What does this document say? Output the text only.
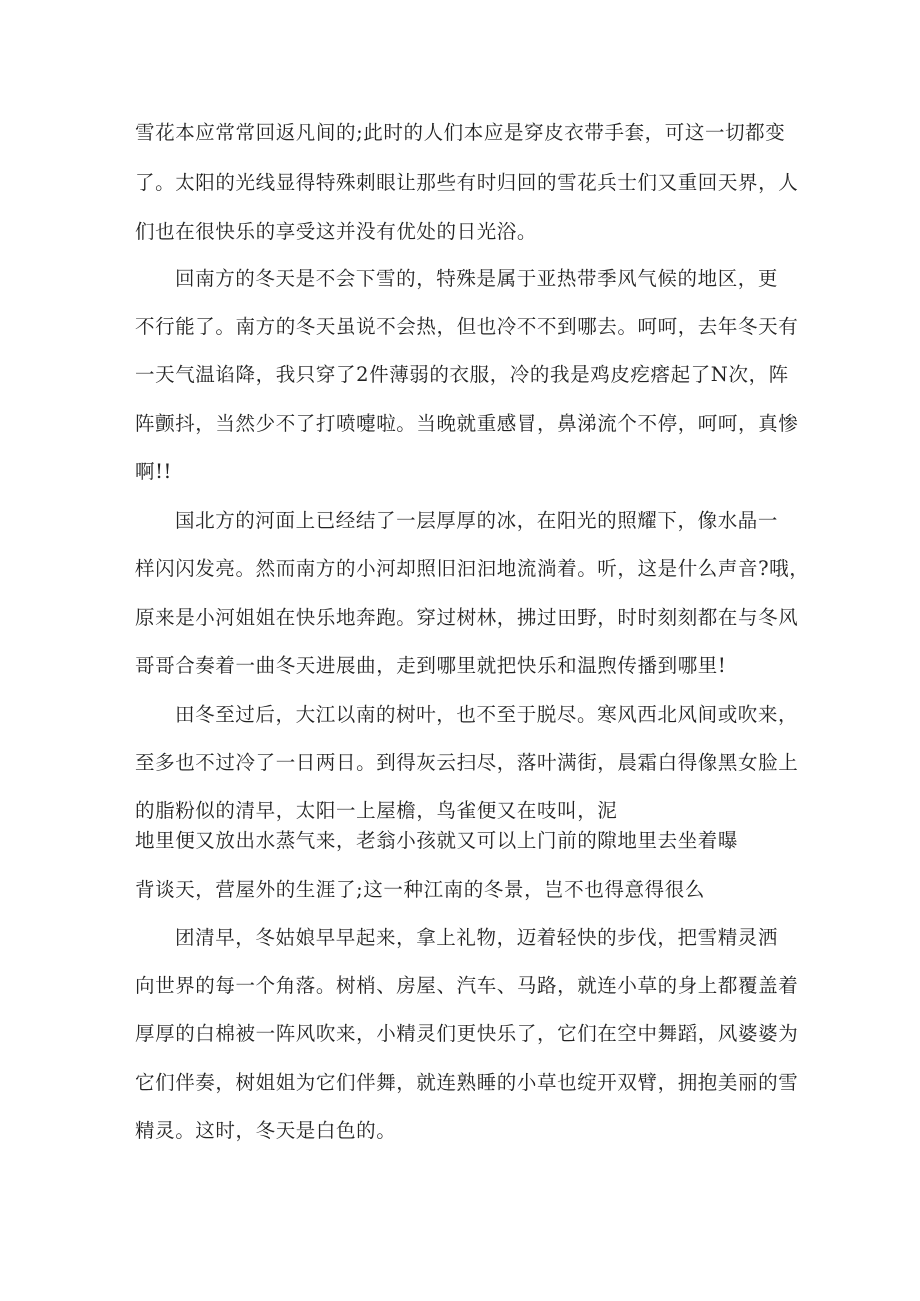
雪花本应常常回返凡间的;此时的人们本应是穿皮衣带手套，可这一切都变
了。太阳的光线显得特殊刺眼让那些有时归回的雪花兵士们又重回天界，人
们也在很快乐的享受这并没有优处的日光浴。
回南方的冬天是不会下雪的，特殊是属于亚热带季风气候的地区，更
不行能了。南方的冬天虽说不会热，但也冷不不到哪去。呵呵，去年冬天有
一天气温谄降，我只穿了2件薄弱的衣服，冷的我是鸡皮疙瘩起了N次，阵
阵颤抖，当然少不了打喷嚏啦。当晚就重感冒，鼻涕流个不停，呵呵，真惨
啊!!
国北方的河面上已经结了一层厚厚的冰，在阳光的照耀下，像水晶一
样闪闪发亮。然而南方的小河却照旧汩汩地流淌着。听，这是什么声音?哦，
原来是小河姐姐在快乐地奔跑。穿过树林，拂过田野，时时刻刻都在与冬风
哥哥合奏着一曲冬天进展曲，走到哪里就把快乐和温煦传播到哪里!
田冬至过后，大江以南的树叶，也不至于脱尽。寒风西北风间或吹来，
至多也不过冷了一日两日。到得灰云扫尽，落叶满街，晨霜白得像黑女脸上
的脂粉似的清早，太阳一上屋檐，鸟雀便又在吱叫，泥
地里便又放出水蒸气来，老翁小孩就又可以上门前的隙地里去坐着曝
背谈天，营屋外的生涯了;这一种江南的冬景，岂不也得意得很么
团清早，冬姑娘早早起来，拿上礼物，迈着轻快的步伐，把雪精灵洒
向世界的每一个角落。树梢、房屋、汽车、马路，就连小草的身上都覆盖着
厚厚的白棉被一阵风吹来，小精灵们更快乐了，它们在空中舞蹈，风婆婆为
它们伴奏，树姐姐为它们伴舞，就连熟睡的小草也绽开双臂，拥抱美丽的雪
精灵。这时，冬天是白色的。
